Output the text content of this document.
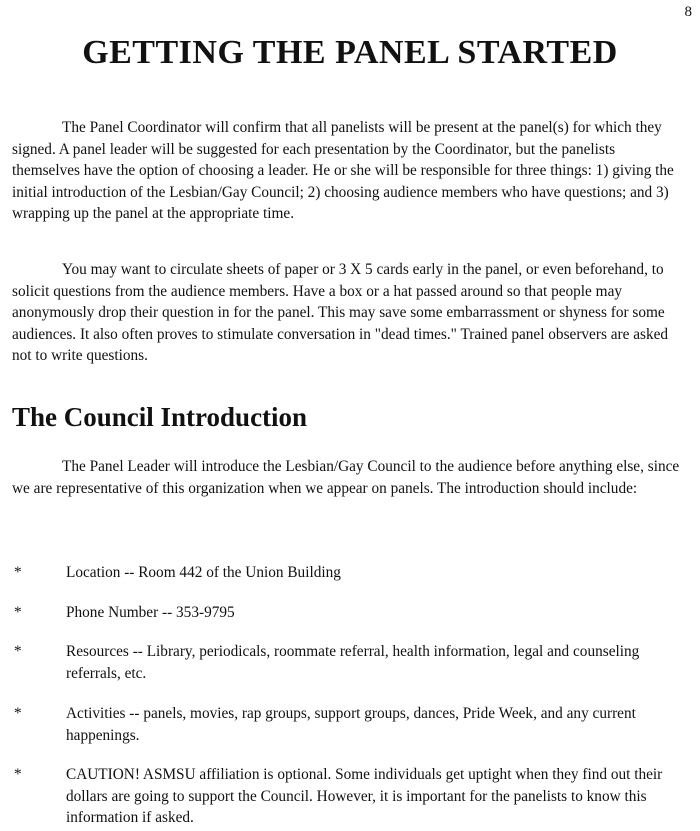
8
GETTING THE PANEL STARTED

The Panel Coordinator will confirm that all panelists will be present at the panel(s) for which they signed. A panel leader will be suggested for each presentation by the Coordinator, but the panelists themselves have the option of choosing a leader. He or she will be responsible for three things: 1) giving the initial introduction of the Lesbian/Gay Council; 2) choosing audience members who have questions; and 3) wrapping up the panel at the appropriate time.

You may want to circulate sheets of paper or 3 X 5 cards early in the panel, or even beforehand, to solicit questions from the audience members. Have a box or a hat passed around so that people may anonymously drop their question in for the panel. This may save some embarrassment or shyness for some audiences. It also often proves to stimulate conversation in "dead times." Trained panel observers are asked not to write questions.

The Council Introduction

The Panel Leader will introduce the Lesbian/Gay Council to the audience before anything else, since we are representative of this organization when we appear on panels. The introduction should include:

*	Location -- Room 442 of the Union Building
*	Phone Number -- 353-9795
*	Resources -- Library, periodicals, roommate referral, health information, legal and counseling referrals, etc.
*	Activities -- panels, movies, rap groups, support groups, dances, Pride Week, and any current happenings.
*	CAUTION! ASMSU affiliation is optional. Some individuals get uptight when they find out their dollars are going to support the Council. However, it is important for the panelists to know this information if asked.
